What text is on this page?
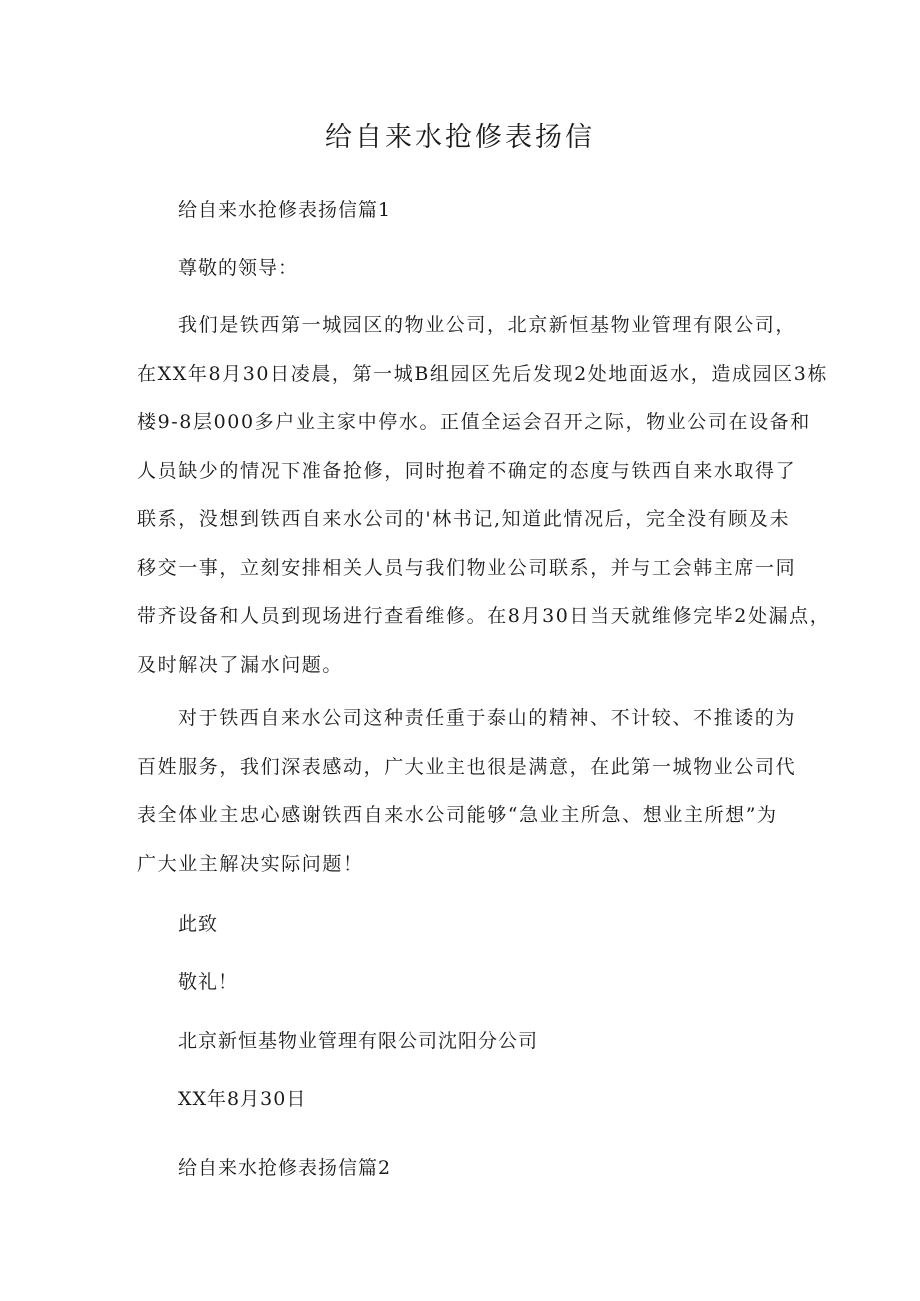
给自来水抢修表扬信

给自来水抢修表扬信篇1

尊敬的领导：

我们是铁西第一城园区的物业公司，北京新恒基物业管理有限公司，
在XX年8月30日凌晨，第一城B组园区先后发现2处地面返水，造成园区3栋
楼9-8层000多户业主家中停水。正值全运会召开之际，物业公司在设备和
人员缺少的情况下准备抢修，同时抱着不确定的态度与铁西自来水取得了
联系，没想到铁西自来水公司的'林书记,知道此情况后，完全没有顾及未
移交一事，立刻安排相关人员与我们物业公司联系，并与工会韩主席一同
带齐设备和人员到现场进行查看维修。在8月30日当天就维修完毕2处漏点，
及时解决了漏水问题。
对于铁西自来水公司这种责任重于泰山的精神、不计较、不推诿的为
百姓服务，我们深表感动，广大业主也很是满意，在此第一城物业公司代
表全体业主忠心感谢铁西自来水公司能够“急业主所急、想业主所想”为
广大业主解决实际问题！

此致

敬礼！

北京新恒基物业管理有限公司沈阳分公司

XX年8月30日

给自来水抢修表扬信篇2
